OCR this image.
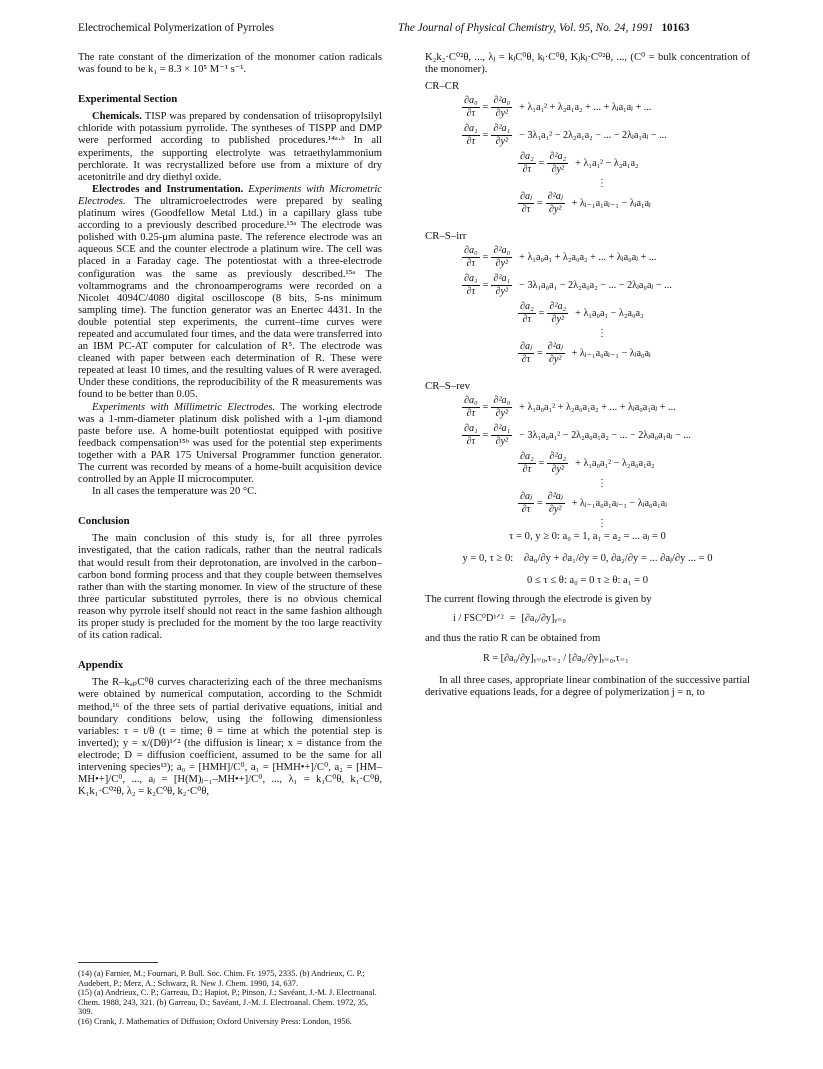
Electrochemical Polymerization of Pyrroles	The Journal of Physical Chemistry, Vol. 95, No. 24, 1991 10163

The rate constant of the dimerization of the monomer cation radicals was found to be k₁ = 8.3 × 10⁵ M⁻¹ s⁻¹.

Experimental Section

Chemicals. TISP was prepared by condensation of triisopropylsilyl chloride with potassium pyrrolide. The syntheses of TISPP and DMP were performed according to published procedures.¹⁴ᵃ·ᵇ In all experiments, the supporting electrolyte was tetraethylammonium perchlorate. It was recrystallized before use from a mixture of dry acetonitrile and dry diethyl oxide.

Electrodes and Instrumentation. Experiments with Micrometric Electrodes. The ultramicroelectrodes were prepared by sealing platinum wires (Goodfellow Metal Ltd.) in a capillary glass tube according to a previously described procedure.¹⁵ᵃ The electrode was polished with 0.25-μm alumina paste. The reference electrode was an aqueous SCE and the counter electrode a platinum wire. The cell was placed in a Faraday cage. The potentiostat with a three-electrode configuration was the same as previously described.¹⁵ᵃ The voltammograms and the chronoamperograms were recorded on a Nicolet 4094C/4080 digital oscilloscope (8 bits, 5-ns minimum sampling time). The function generator was an Enertec 4431. In the double potential step experiments, the current–time curves were repeated and accumulated four times, and the data were transferred into an IBM PC-AT computer for calculation of R⁵. The electrode was cleaned with paper between each determination of R. These were repeated at least 10 times, and the resulting values of R were averaged. Under these conditions, the reproducibility of the R measurements was found to be better than 0.05.

Experiments with Millimetric Electrodes. The working electrode was a 1-mm-diameter platinum disk polished with a 1-μm diamond paste before use. A home-built potentiostat equipped with positive feedback compensation¹⁵ᵇ was used for the potential step experiments together with a PAR 175 Universal Programmer function generator. The current was recorded by means of a home-built acquisition device controlled by an Apple II microcomputer.

In all cases the temperature was 20 °C.

Conclusion

The main conclusion of this study is, for all three pyrroles investigated, that the cation radicals, rather than the neutral radicals that would result from their deprotonation, are involved in the carbon–carbon bond forming process and that they couple between themselves rather than with the starting monomer. In view of the structure of these three particular substituted pyrroles, there is no obvious chemical reason why pyrrole itself should not react in the same fashion although its proper study is precluded for the moment by the too large reactivity of its cation radical.

Appendix

The R–kₐₚC⁰θ curves characterizing each of the three mechanisms were obtained by numerical computation, according to the Schmidt method,¹⁶ of the three sets of partial derivative equations, initial and boundary conditions below, using the following dimensionless variables: τ = t/θ (t = time; θ = time at which the potential step is inverted); y = x/(Dθ)¹ᐟ² (the diffusion is linear; x = distance from the electrode; D = diffusion coefficient, assumed to be the same for all intervening species¹³); a₀ = [HMH]/C⁰, a₁ = [HMH•+]/C⁰, a₂ = [HM–MH•+]/C⁰, ..., aⱼ = [H(M)ⱼ₋₁–MH•+]/C⁰, ..., λ₁ = k₁C⁰θ, k₁·C⁰θ, K₁k₁·C⁰²θ, λ₂ = k₂C⁰θ, k₂·C⁰θ,

(14) (a) Farnier, M.; Fournari, P. Bull. Soc. Chim. Fr. 1975, 2335. (b) Andrieux, C. P.; Audebert, P.; Merz, A.; Schwarz, R. New J. Chem. 1990, 14, 637.
(15) (a) Andrieux, C. P.; Garreau, D.; Hapiot, P.; Pinson, J.; Savéant, J.-M. J. Electroanal. Chem. 1988, 243, 321. (b) Garreau, D.; Savéant, J.-M. J. Electroanal. Chem. 1972, 35, 309.
(16) Crank, J. Mathematics of Diffusion; Oxford University Press: London, 1956.

K₂k₂·C⁰²θ, ..., λⱼ = kⱼC⁰θ, kⱼ·C⁰θ, Kⱼkⱼ·C⁰²θ, ..., (C⁰ = bulk concentration of the monomer).

CR–CR
$\frac{\text{∂a₀}}{\partial\tau} = \frac{\text{∂²a₀}}{\text{∂y²}} + \lambda_1a_1^2 + \lambda_2a_1a_2$ + ... + λⱼa₁aⱼ + ...
$\frac{\text{∂a₁}}{\partial\tau} = \frac{\text{∂²a₁}}{\text{∂y²}} - 3\lambda_1a_1^2 - 2\lambda_2a_1a_2$ − ... − 2λⱼa₁aⱼ − ...
$\frac{\text{∂a₂}}{\partial\tau} = \frac{\text{∂²a₂}}{\text{∂y²}} + \lambda_1a_1^2 - \lambda_2a_1a_2$
⋮
$\frac{\text{∂aⱼ}}{\partial\tau} = \frac{\text{∂²aⱼ}}{\text{∂y²}}$ + λⱼ₋₁a₁aⱼ₋₁ − λⱼa₁aⱼ
CR–S–irr
$\frac{\text{∂a₀}}{\partial\tau} = \frac{\text{∂²a₀}}{\text{∂y²}} + \lambda_1a_0a_1 + \lambda_2a_0a_2$ + ... + λⱼa₀aⱼ + ...
$\frac{\text{∂a₁}}{\partial\tau} = \frac{\text{∂²a₁}}{\text{∂y²}} - 3\lambda_1a_0a_1 - 2\lambda_2a_0a_2$ − ... − 2λⱼa₀aⱼ − ...
$\frac{\text{∂a₂}}{\partial\tau} = \frac{\text{∂²a₂}}{\text{∂y²}} + \lambda_1a_0a_1 - \lambda_2a_0a_2$
⋮
$\frac{\text{∂aⱼ}}{\partial\tau} = \frac{\text{∂²aⱼ}}{\text{∂y²}}$ + λⱼ₋₁a₀aⱼ₋₁ − λⱼa₀aⱼ
CR–S–rev
$\frac{\text{∂a₀}}{\partial\tau} = \frac{\text{∂²a₀}}{\text{∂y²}} + \lambda_1a_0a_1^2 + \lambda_2a_0a_1a_2$ + ... + λⱼa₀a₁aⱼ + ...
$\frac{\text{∂a₁}}{\partial\tau} = \frac{\text{∂²a₁}}{\text{∂y²}} - 3\lambda_1a_0a_1^2 - 2\lambda_2a_0a_1a_2$ − ... − 2λⱼa₀a₁aⱼ − ...
$\frac{\text{∂a₂}}{\partial\tau} = \frac{\text{∂²a₂}}{\text{∂y²}} + \lambda_1a_0a_1^2 - \lambda_2a_0a_1a_2$
⋮
$\frac{\text{∂aⱼ}}{\partial\tau} = \frac{\text{∂²aⱼ}}{\text{∂y²}}$ + λⱼ₋₁a₀a₁aⱼ₋₁ − λⱼa₀a₁aⱼ
⋮
τ = 0, y ≥ 0: a₀ = 1, a₁ = a₂ = ... aⱼ = 0
y = 0, τ ≥ 0: ∂a₀/∂y + ∂a₁/∂y = 0, ∂a₂/∂y = ... ∂aⱼ/∂y ... = 0
0 ≤ τ ≤ θ: a₀ = 0 τ ≥ θ: a₁ = 0

The current flowing through the electrode is given by

i / FSC⁰D¹ᐟ² = [∂a₀/∂y]ᵧ₌₀

and thus the ratio R can be obtained from

R = [∂a₀/∂y]ᵧ₌₀,τ₌₂ / [∂a₀/∂y]ᵧ₌₀,τ₌₁

In all three cases, appropriate linear combination of the successive partial derivative equations leads, for a degree of polymerization j = n, to
